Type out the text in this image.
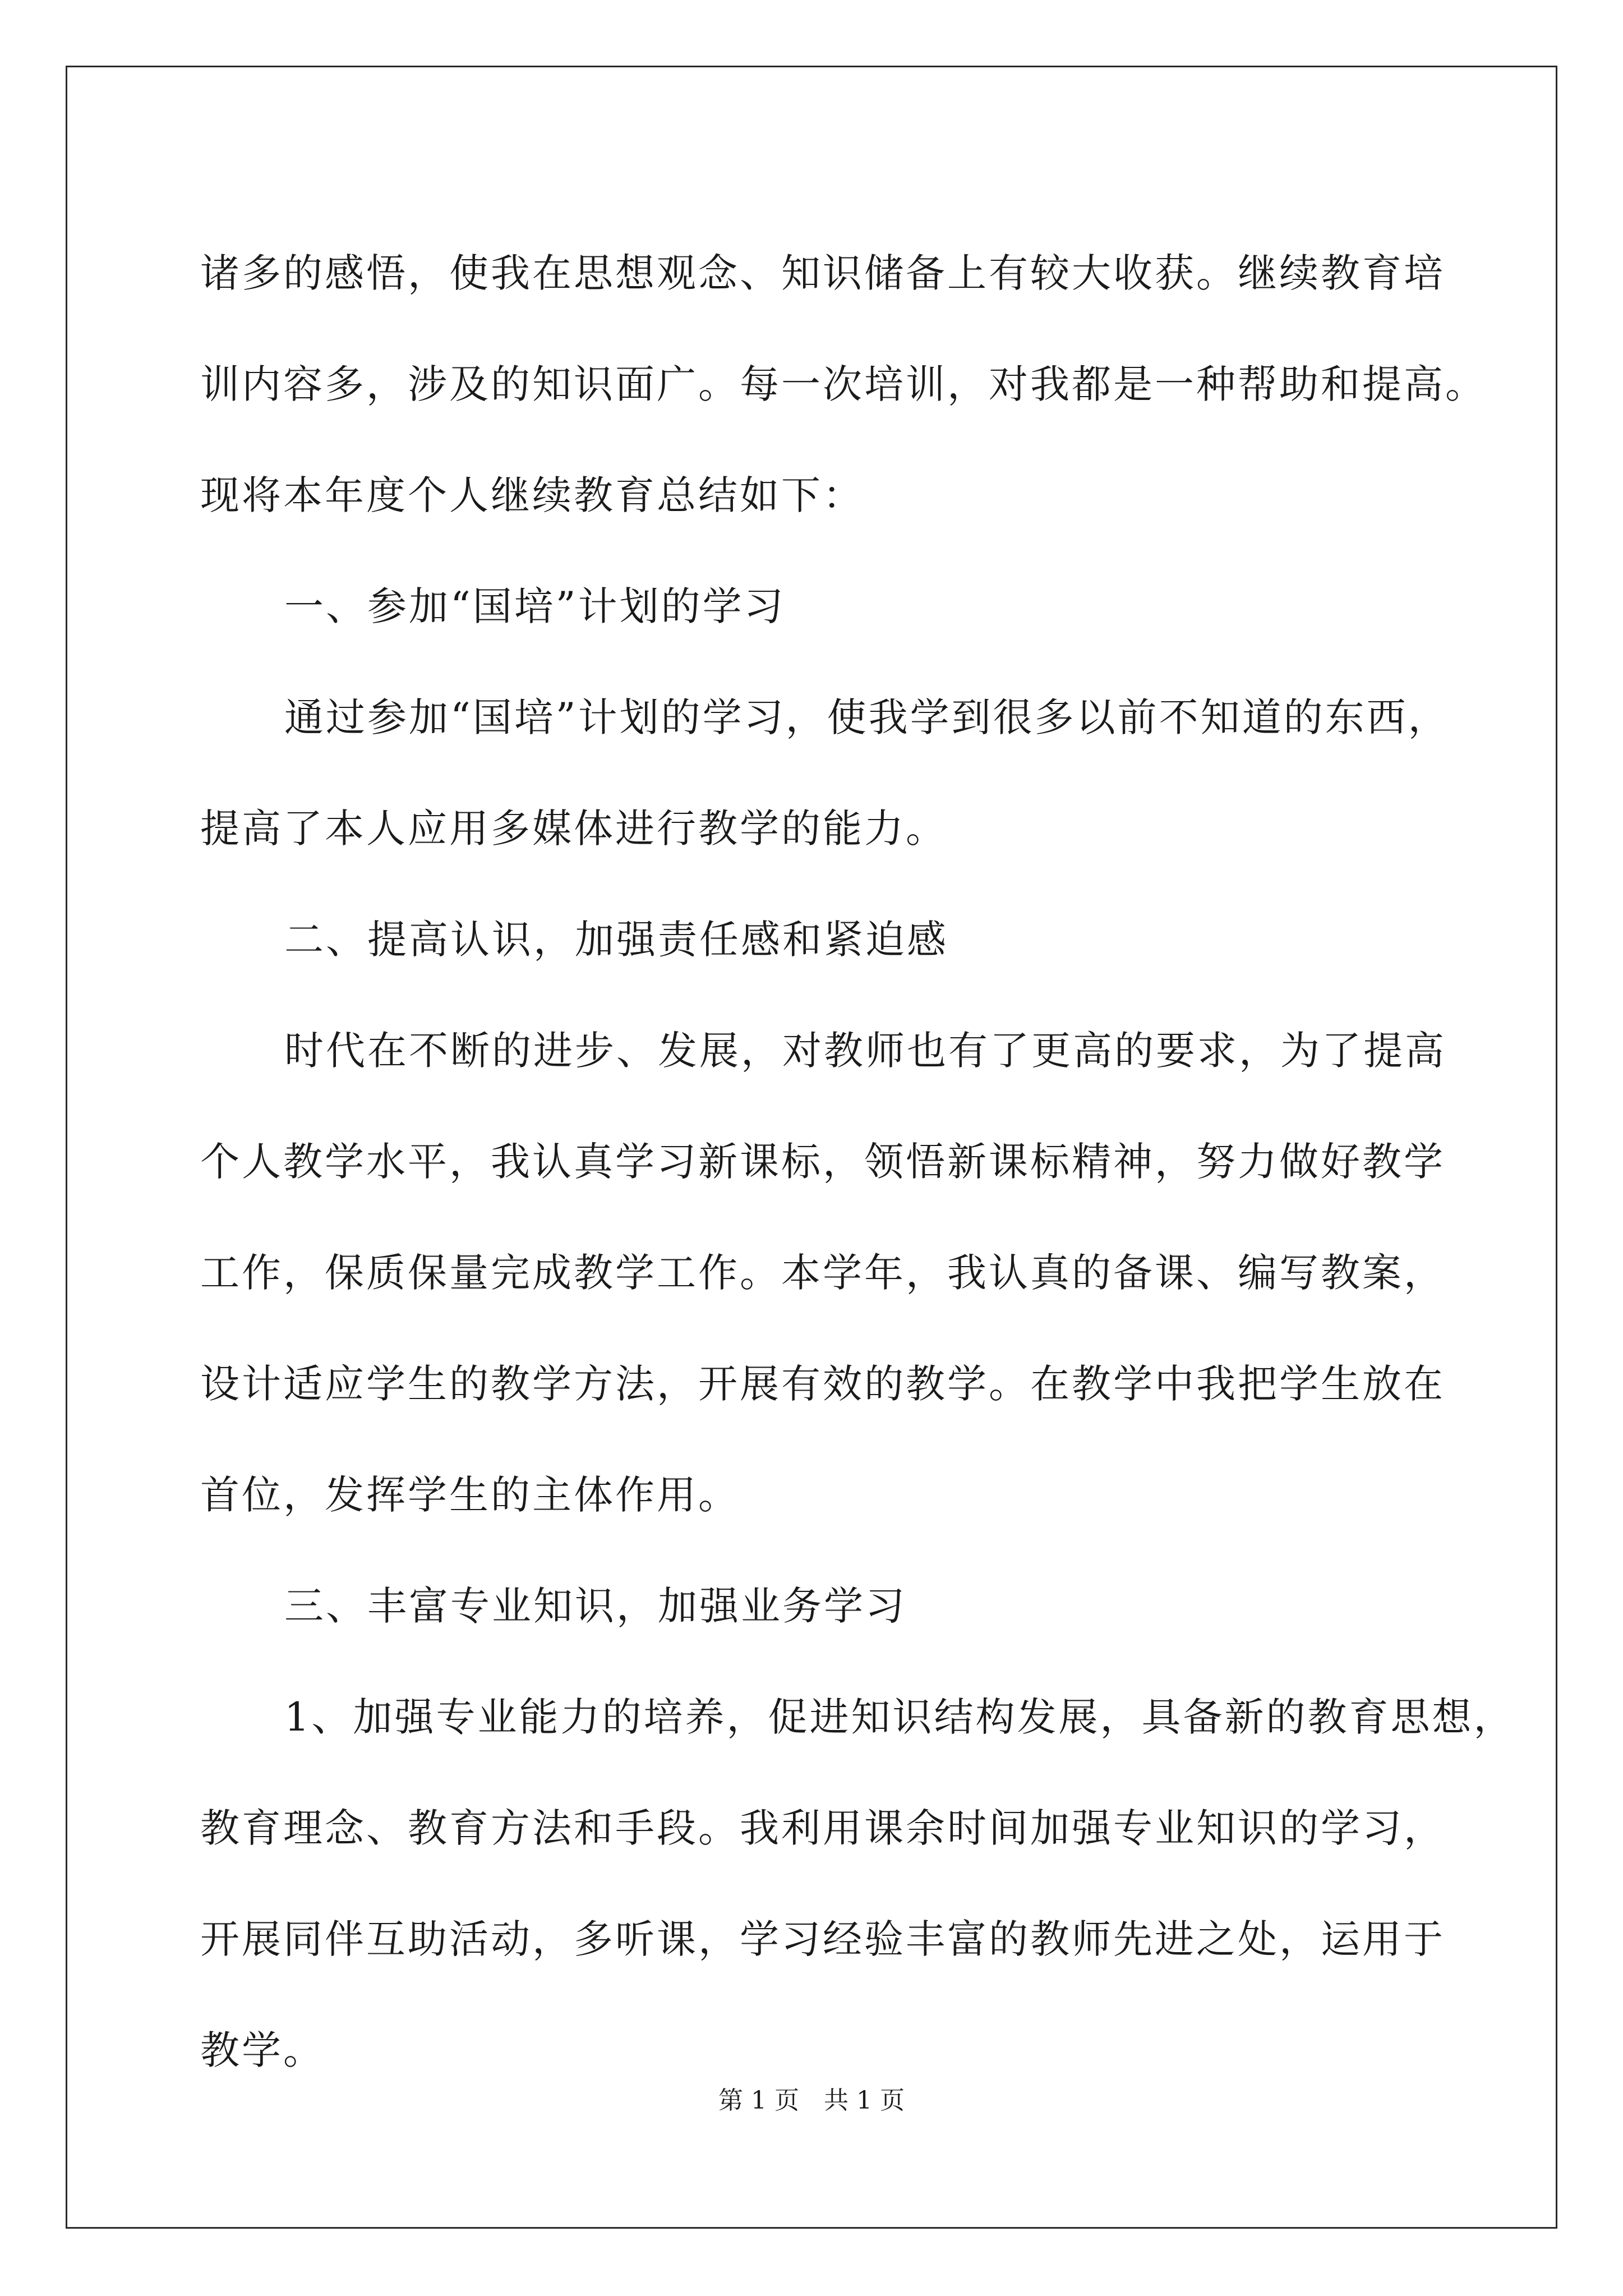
诸多的感悟，使我在思想观念、知识储备上有较大收获。继续教育培
训内容多，涉及的知识面广。每一次培训，对我都是一种帮助和提高。
现将本年度个人继续教育总结如下：
一、参加“国培”计划的学习
通过参加“国培”计划的学习，使我学到很多以前不知道的东西，
提高了本人应用多媒体进行教学的能力。
二、提高认识，加强责任感和紧迫感
时代在不断的进步、发展，对教师也有了更高的要求，为了提高
个人教学水平，我认真学习新课标，领悟新课标精神，努力做好教学
工作，保质保量完成教学工作。本学年，我认真的备课、编写教案，
设计适应学生的教学方法，开展有效的教学。在教学中我把学生放在
首位，发挥学生的主体作用。
三、丰富专业知识，加强业务学习
1、加强专业能力的培养，促进知识结构发展，具备新的教育思想，
教育理念、教育方法和手段。我利用课余时间加强专业知识的学习，
开展同伴互助活动，多听课，学习经验丰富的教师先进之处，运用于
教学。
第 1 页 共 1 页
